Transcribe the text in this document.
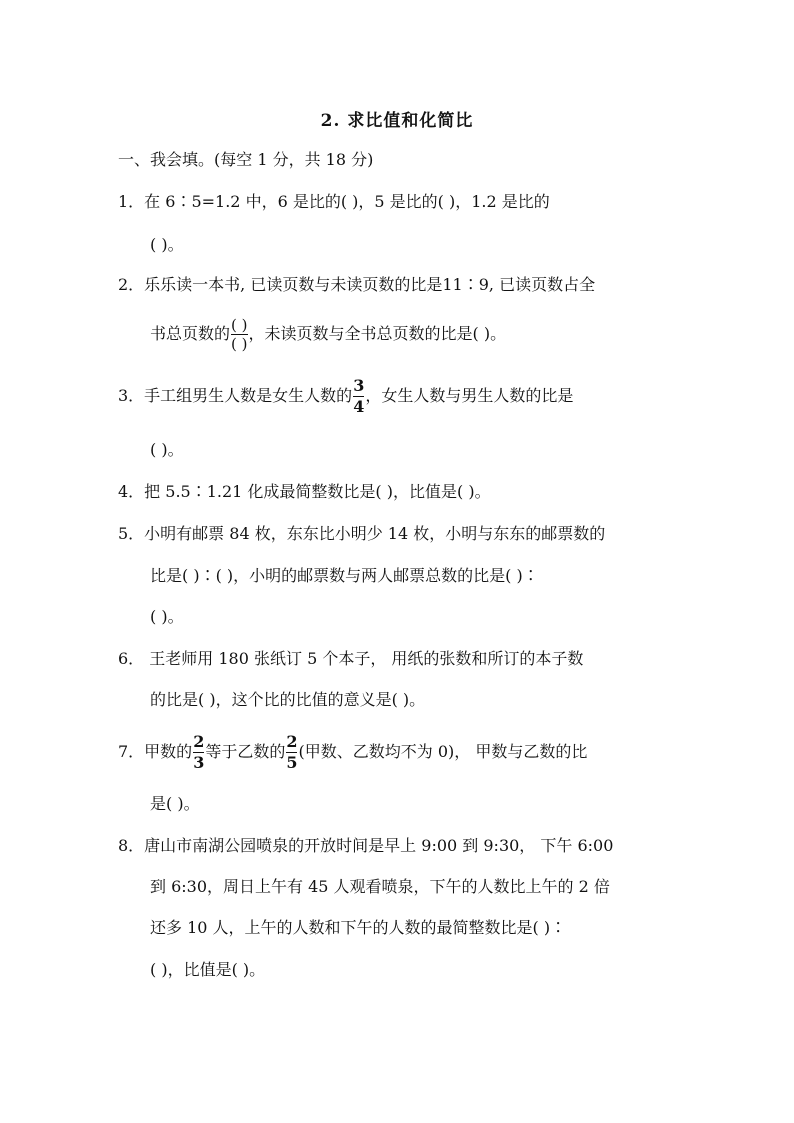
2. 求比值和化简比
一、我会填。(每空 1 分，共 18 分)
1．在 6∶5=1.2 中，6 是比的( )，5 是比的( )，1.2 是比的
( )。
2．乐乐读一本书, 已读页数与未读页数的比是11∶9, 已读页数占全
书总页数的 $\frac{( )}{( )}$ ，未读页数与全书总页数的比是( )。
3．手工组男生人数是女生人数的 $\frac{3}{4}$ ，女生人数与男生人数的比是
( )。
4．把 5.5∶1.21 化成最简整数比是( )，比值是( )。
5．小明有邮票 84 枚，东东比小明少 14 枚，小明与东东的邮票数的
比是( )∶( )，小明的邮票数与两人邮票总数的比是( )∶
( )。
6． 王老师用 180 张纸订 5 个本子， 用纸的张数和所订的本子数
的比是( )，这个比的比值的意义是( )。
7．甲数的 $\frac{2}{3}$ 等于乙数的 $\frac{2}{5}$ (甲数、乙数均不为 0)， 甲数与乙数的比
是( )。
8．唐山市南湖公园喷泉的开放时间是早上 9:00 到 9:30， 下午 6:00
到 6:30，周日上午有 45 人观看喷泉，下午的人数比上午的 2 倍
还多 10 人，上午的人数和下午的人数的最简整数比是( )∶
( )，比值是( )。
